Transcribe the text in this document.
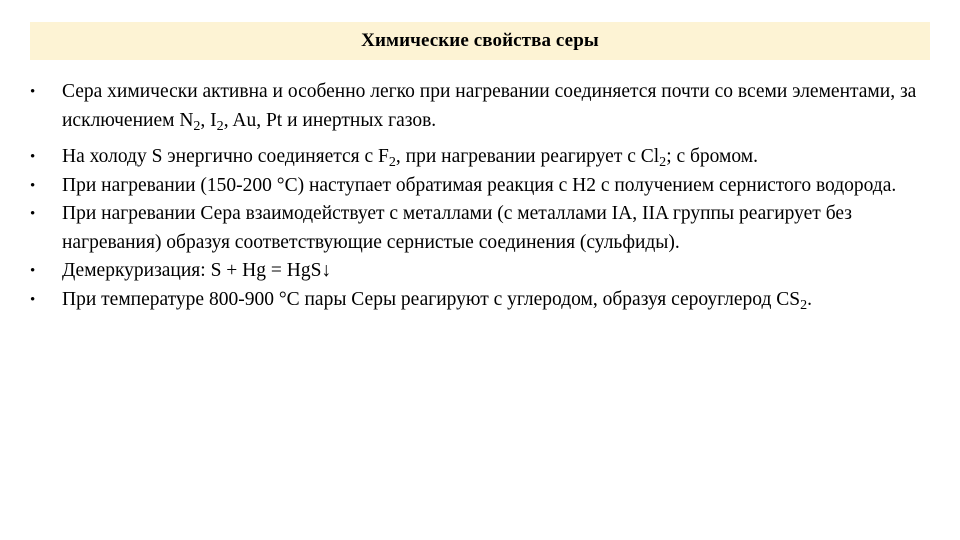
Химические свойства серы
•	Сера химически активна и особенно легко при нагревании соединяется почти со всеми элементами, за исключением $N_2$, $I_2$, Au, Pt и инертных газов.
•	На холоду S энергично соединяется с $F_2$, при нагревании реагирует с $Cl_2$; с бромом.
•	При нагревании (150-200 °С) наступает обратимая реакция с Н2 с получением сернистого водорода.
•	При нагревании Сера взаимодействует с металлами (с металлами IA, IIA группы реагирует без нагревания) образуя соответствующие сернистые соединения (сульфиды).
•	Демеркуризация: S + Hg = HgS↓
•	При температуре 800-900 °С пары Серы реагируют с углеродом, образуя сероуглерод $CS_2$.
